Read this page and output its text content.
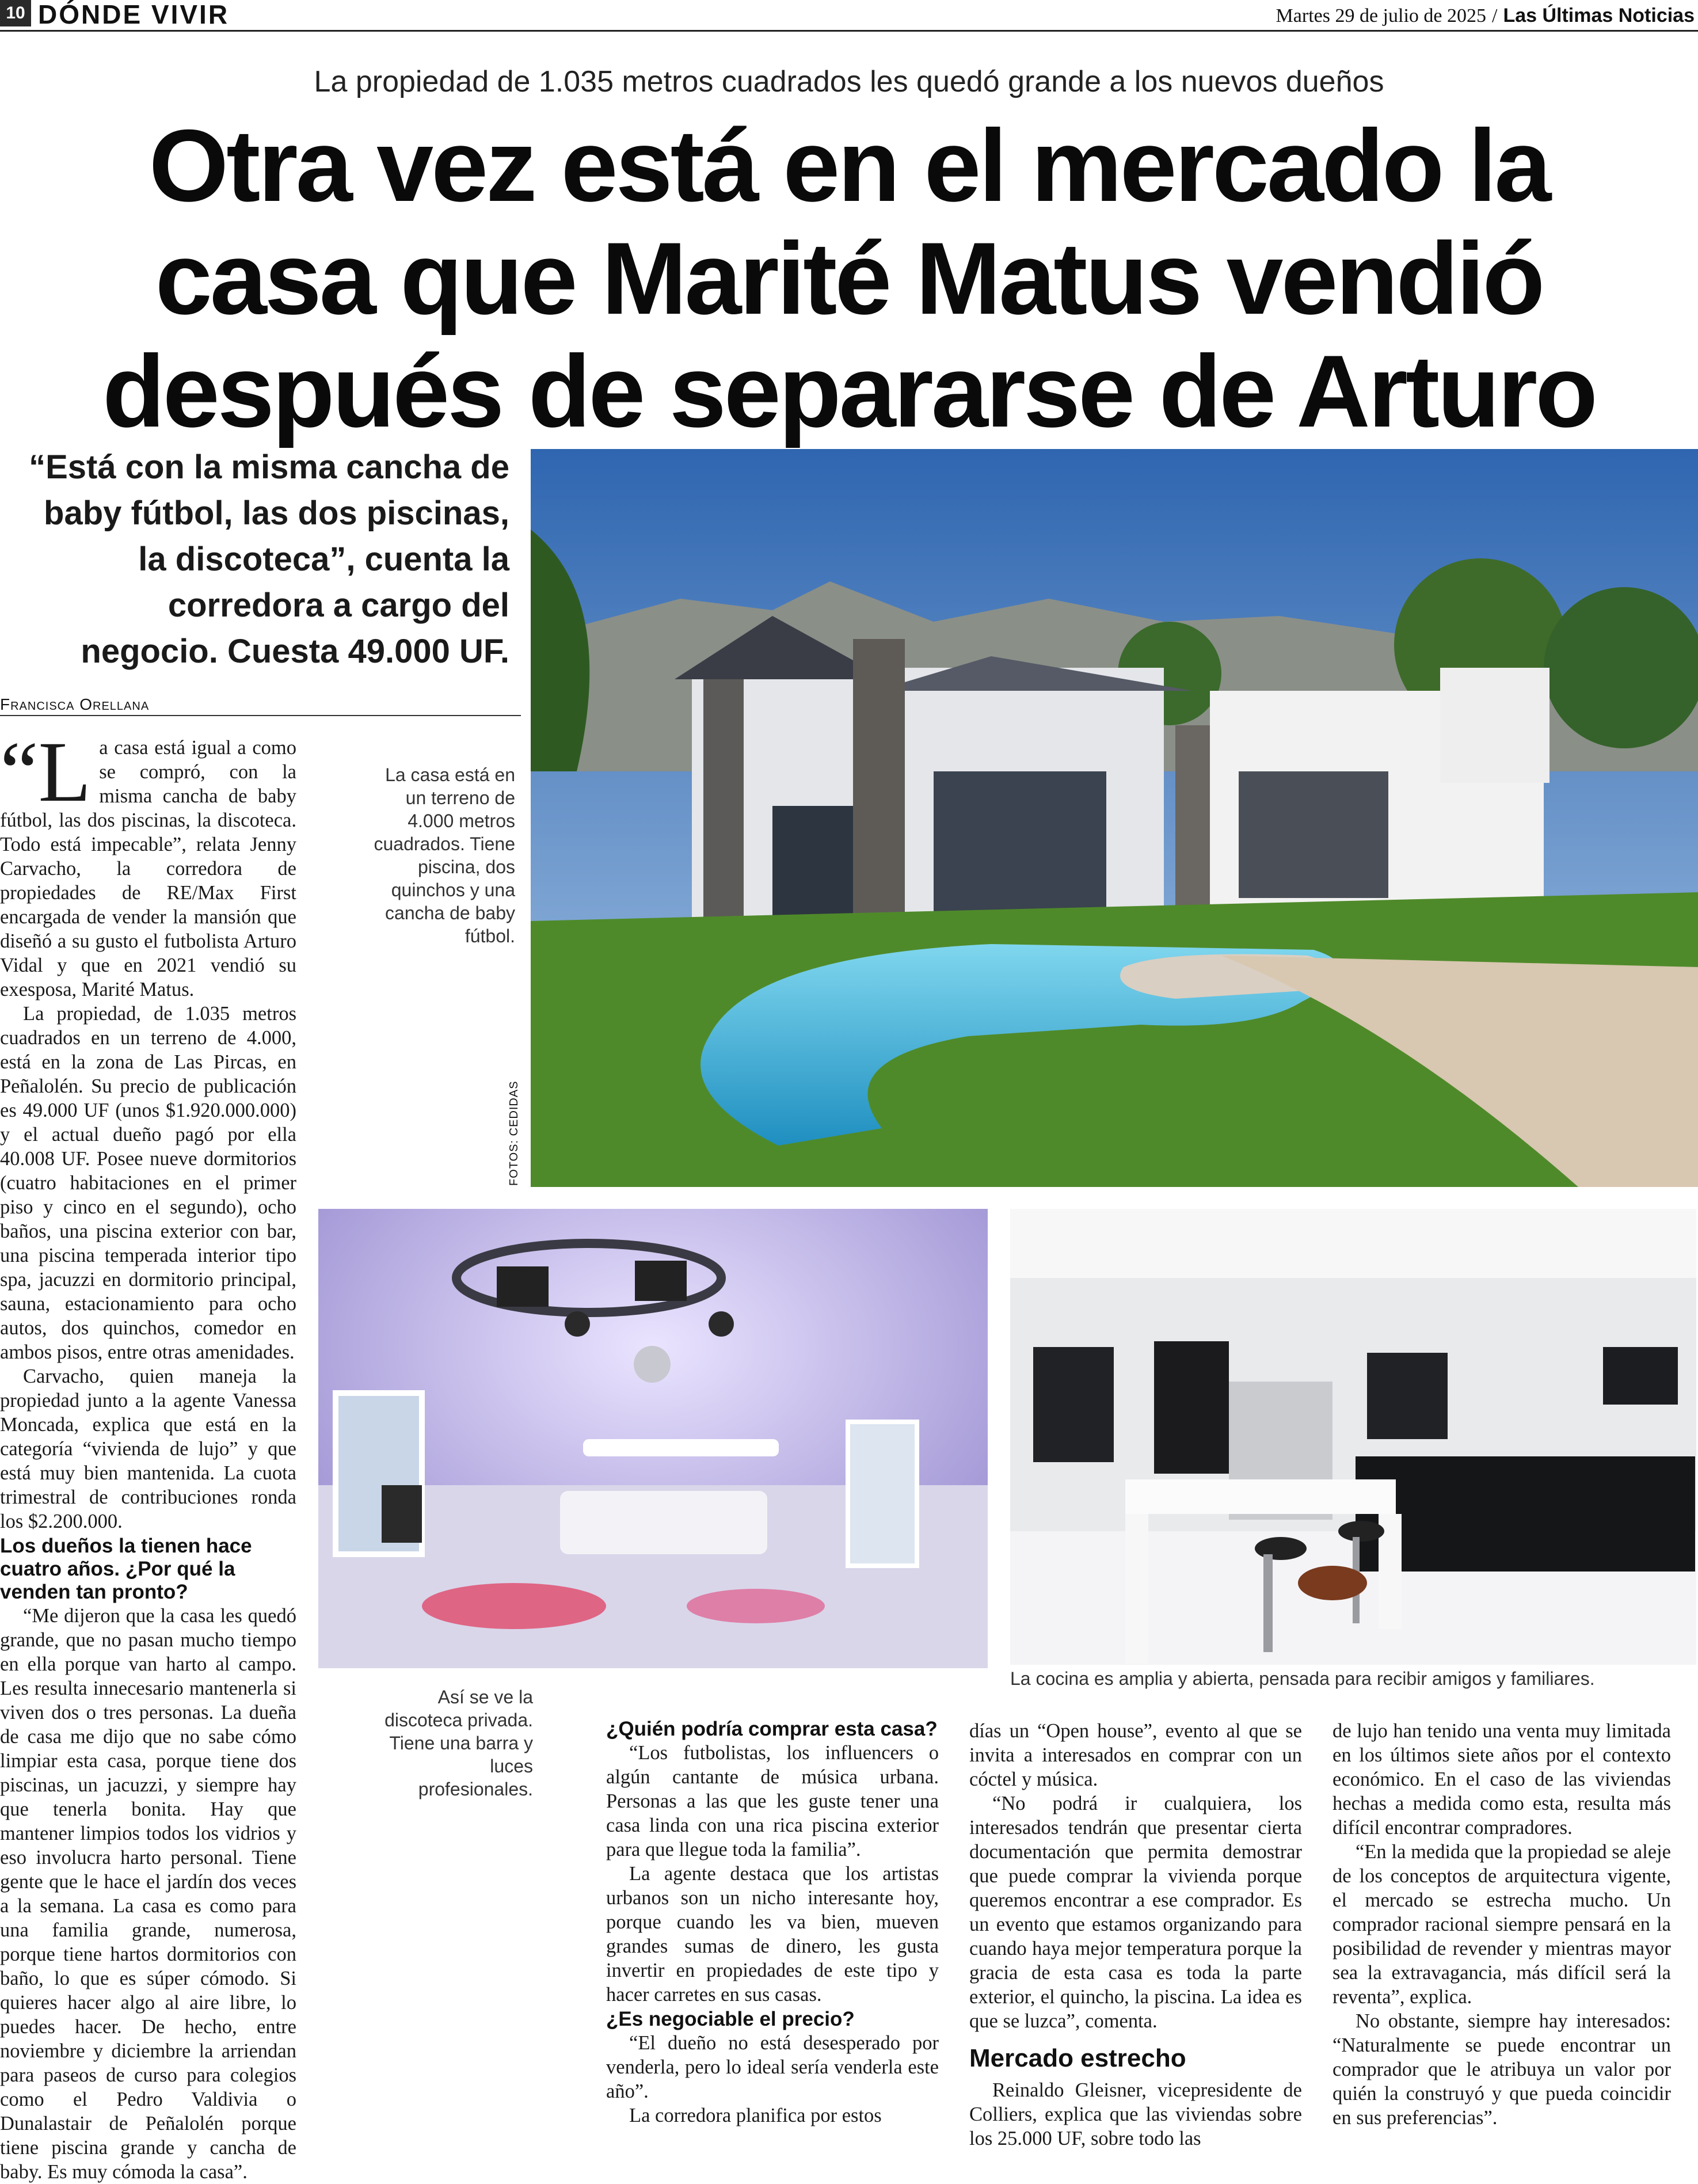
10 DÓNDE VIVIR	Martes 29 de julio de 2025 / Las Últimas Noticias
La propiedad de 1.035 metros cuadrados les quedó grande a los nuevos dueños
Otra vez está en el mercado la casa que Marité Matus vendió después de separarse de Arturo
“Está con la misma cancha de baby fútbol, las dos piscinas, la discoteca”, cuenta la corredora a cargo del negocio. Cuesta 49.000 UF.
Francisca Orellana
FOTOS: CEDIDAS
La casa está en un terreno de 4.000 metros cuadrados. Tiene piscina, dos quinchos y una cancha de baby fútbol.
Así se ve la discoteca privada. Tiene una barra y luces profesionales.
La cocina es amplia y abierta, pensada para recibir amigos y familiares.

“L a casa está igual a como se compró, con la misma cancha de baby fútbol, las dos piscinas, la discoteca. Todo está impecable”, relata Jenny Carvacho, la corredora de propiedades de RE/Max First encargada de vender la mansión que diseñó a su gusto el futbolista Arturo Vidal y que en 2021 vendió su exesposa, Marité Matus.

La propiedad, de 1.035 metros cuadrados en un terreno de 4.000, está en la zona de Las Pircas, en Peñalolén. Su precio de publicación es 49.000 UF (unos $1.920.000.000) y el actual dueño pagó por ella 40.008 UF. Posee nueve dormitorios (cuatro habitaciones en el primer piso y cinco en el segundo), ocho baños, una piscina exterior con bar, una piscina temperada interior tipo spa, jacuzzi en dormitorio principal, sauna, estacionamiento para ocho autos, dos quinchos, comedor en ambos pisos, entre otras amenidades.

Carvacho, quien maneja la propiedad junto a la agente Vanessa Moncada, explica que está en la categoría “vivienda de lujo” y que está muy bien mantenida. La cuota trimestral de contribuciones ronda los $2.200.000.

Los dueños la tienen hace cuatro años. ¿Por qué la venden tan pronto?

“Me dijeron que la casa les quedó grande, que no pasan mucho tiempo en ella porque van harto al campo. Les resulta innecesario mantenerla si viven dos o tres personas. La dueña de casa me dijo que no sabe cómo limpiar esta casa, porque tiene dos piscinas, un jacuzzi, y siempre hay que tenerla bonita. Hay que mantener limpios todos los vidrios y eso involucra harto personal. Tiene gente que le hace el jardín dos veces a la semana. La casa es como para una familia grande, numerosa, porque tiene hartos dormitorios con baño, lo que es súper cómodo. Si quieres hacer algo al aire libre, lo puedes hacer. De hecho, entre noviembre y diciembre la arriendan para paseos de curso para colegios como el Pedro Valdivia o Dunalastair de Peñalolén porque tiene piscina grande y cancha de baby. Es muy cómoda la casa”.

¿Quién podría comprar esta casa?

“Los futbolistas, los influencers o algún cantante de música urbana. Personas a las que les guste tener una casa linda con una rica piscina exterior para que llegue toda la familia”.

La agente destaca que los artistas urbanos son un nicho interesante hoy, porque cuando les va bien, mueven grandes sumas de dinero, les gusta invertir en propiedades de este tipo y hacer carretes en sus casas.

¿Es negociable el precio?

“El dueño no está desesperado por venderla, pero lo ideal sería venderla este año”.

La corredora planifica por estos

días un “Open house”, evento al que se invita a interesados en comprar con un cóctel y música.

“No podrá ir cualquiera, los interesados tendrán que presentar cierta documentación que permita demostrar que puede comprar la vivienda porque queremos encontrar a ese comprador. Es un evento que estamos organizando para cuando haya mejor temperatura porque la gracia de esta casa es toda la parte exterior, el quincho, la piscina. La idea es que se luzca”, comenta.

Mercado estrecho

Reinaldo Gleisner, vicepresidente de Colliers, explica que las viviendas sobre los 25.000 UF, sobre todo las

de lujo han tenido una venta muy limitada en los últimos siete años por el contexto económico. En el caso de las viviendas hechas a medida como esta, resulta más difícil encontrar compradores.

“En la medida que la propiedad se aleje de los conceptos de arquitectura vigente, el mercado se estrecha mucho. Un comprador racional siempre pensará en la posibilidad de revender y mientras mayor sea la extravagancia, más difícil será la reventa”, explica.

No obstante, siempre hay interesados: “Naturalmente se puede encontrar un comprador que le atribuya un valor por quién la construyó y que pueda coincidir en sus preferencias”.
